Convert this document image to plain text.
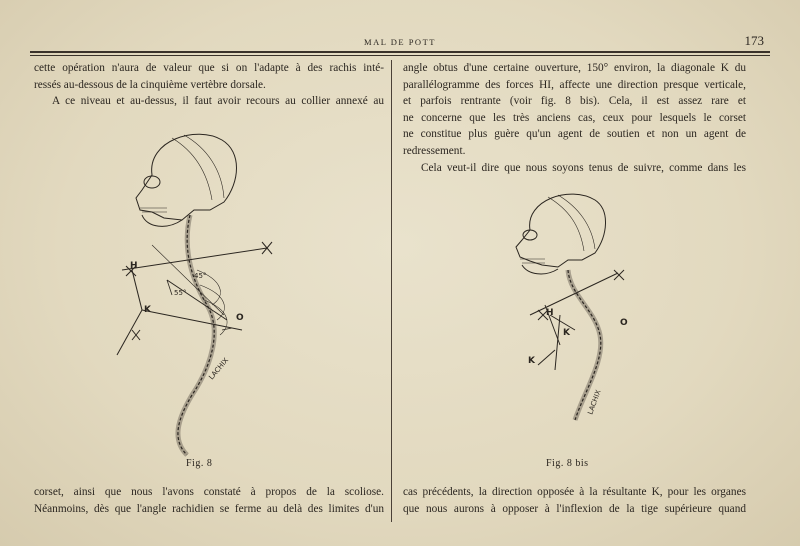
MAL DE POTT	173

cette opération n'aura de valeur que si on l'adapte à des rachis inté-

ressés au-dessous de la cinquième vertèbre dorsale.

A ce niveau et au-dessus, il faut avoir recours au collier annexé au

angle obtus d'une certaine ouverture, 150° environ, la diagonale K du

parallélogramme des forces HI, affecte une direction presque verticale,

et parfois rentrante (voir fig. 8 bis). Cela, il est assez rare et

ne concerne que les très anciens cas, ceux pour lesquels le corset

ne constitue plus guère qu'un agent de soutien et non un agent de

redressement.

Cela veut-il dire que nous soyons tenus de suivre, comme dans les

H
K
O
45°
55°
LACHIX
H
K
K
O
LACHIX
Fig. 8	Fig. 8 bis

corset, ainsi que nous l'avons constaté à propos de la scoliose.

Néanmoins, dès que l'angle rachidien se ferme au delà des limites d'un

cas précédents, la direction opposée à la résultante K, pour les organes

que nous aurons à opposer à l'inflexion de la tige supérieure quand
